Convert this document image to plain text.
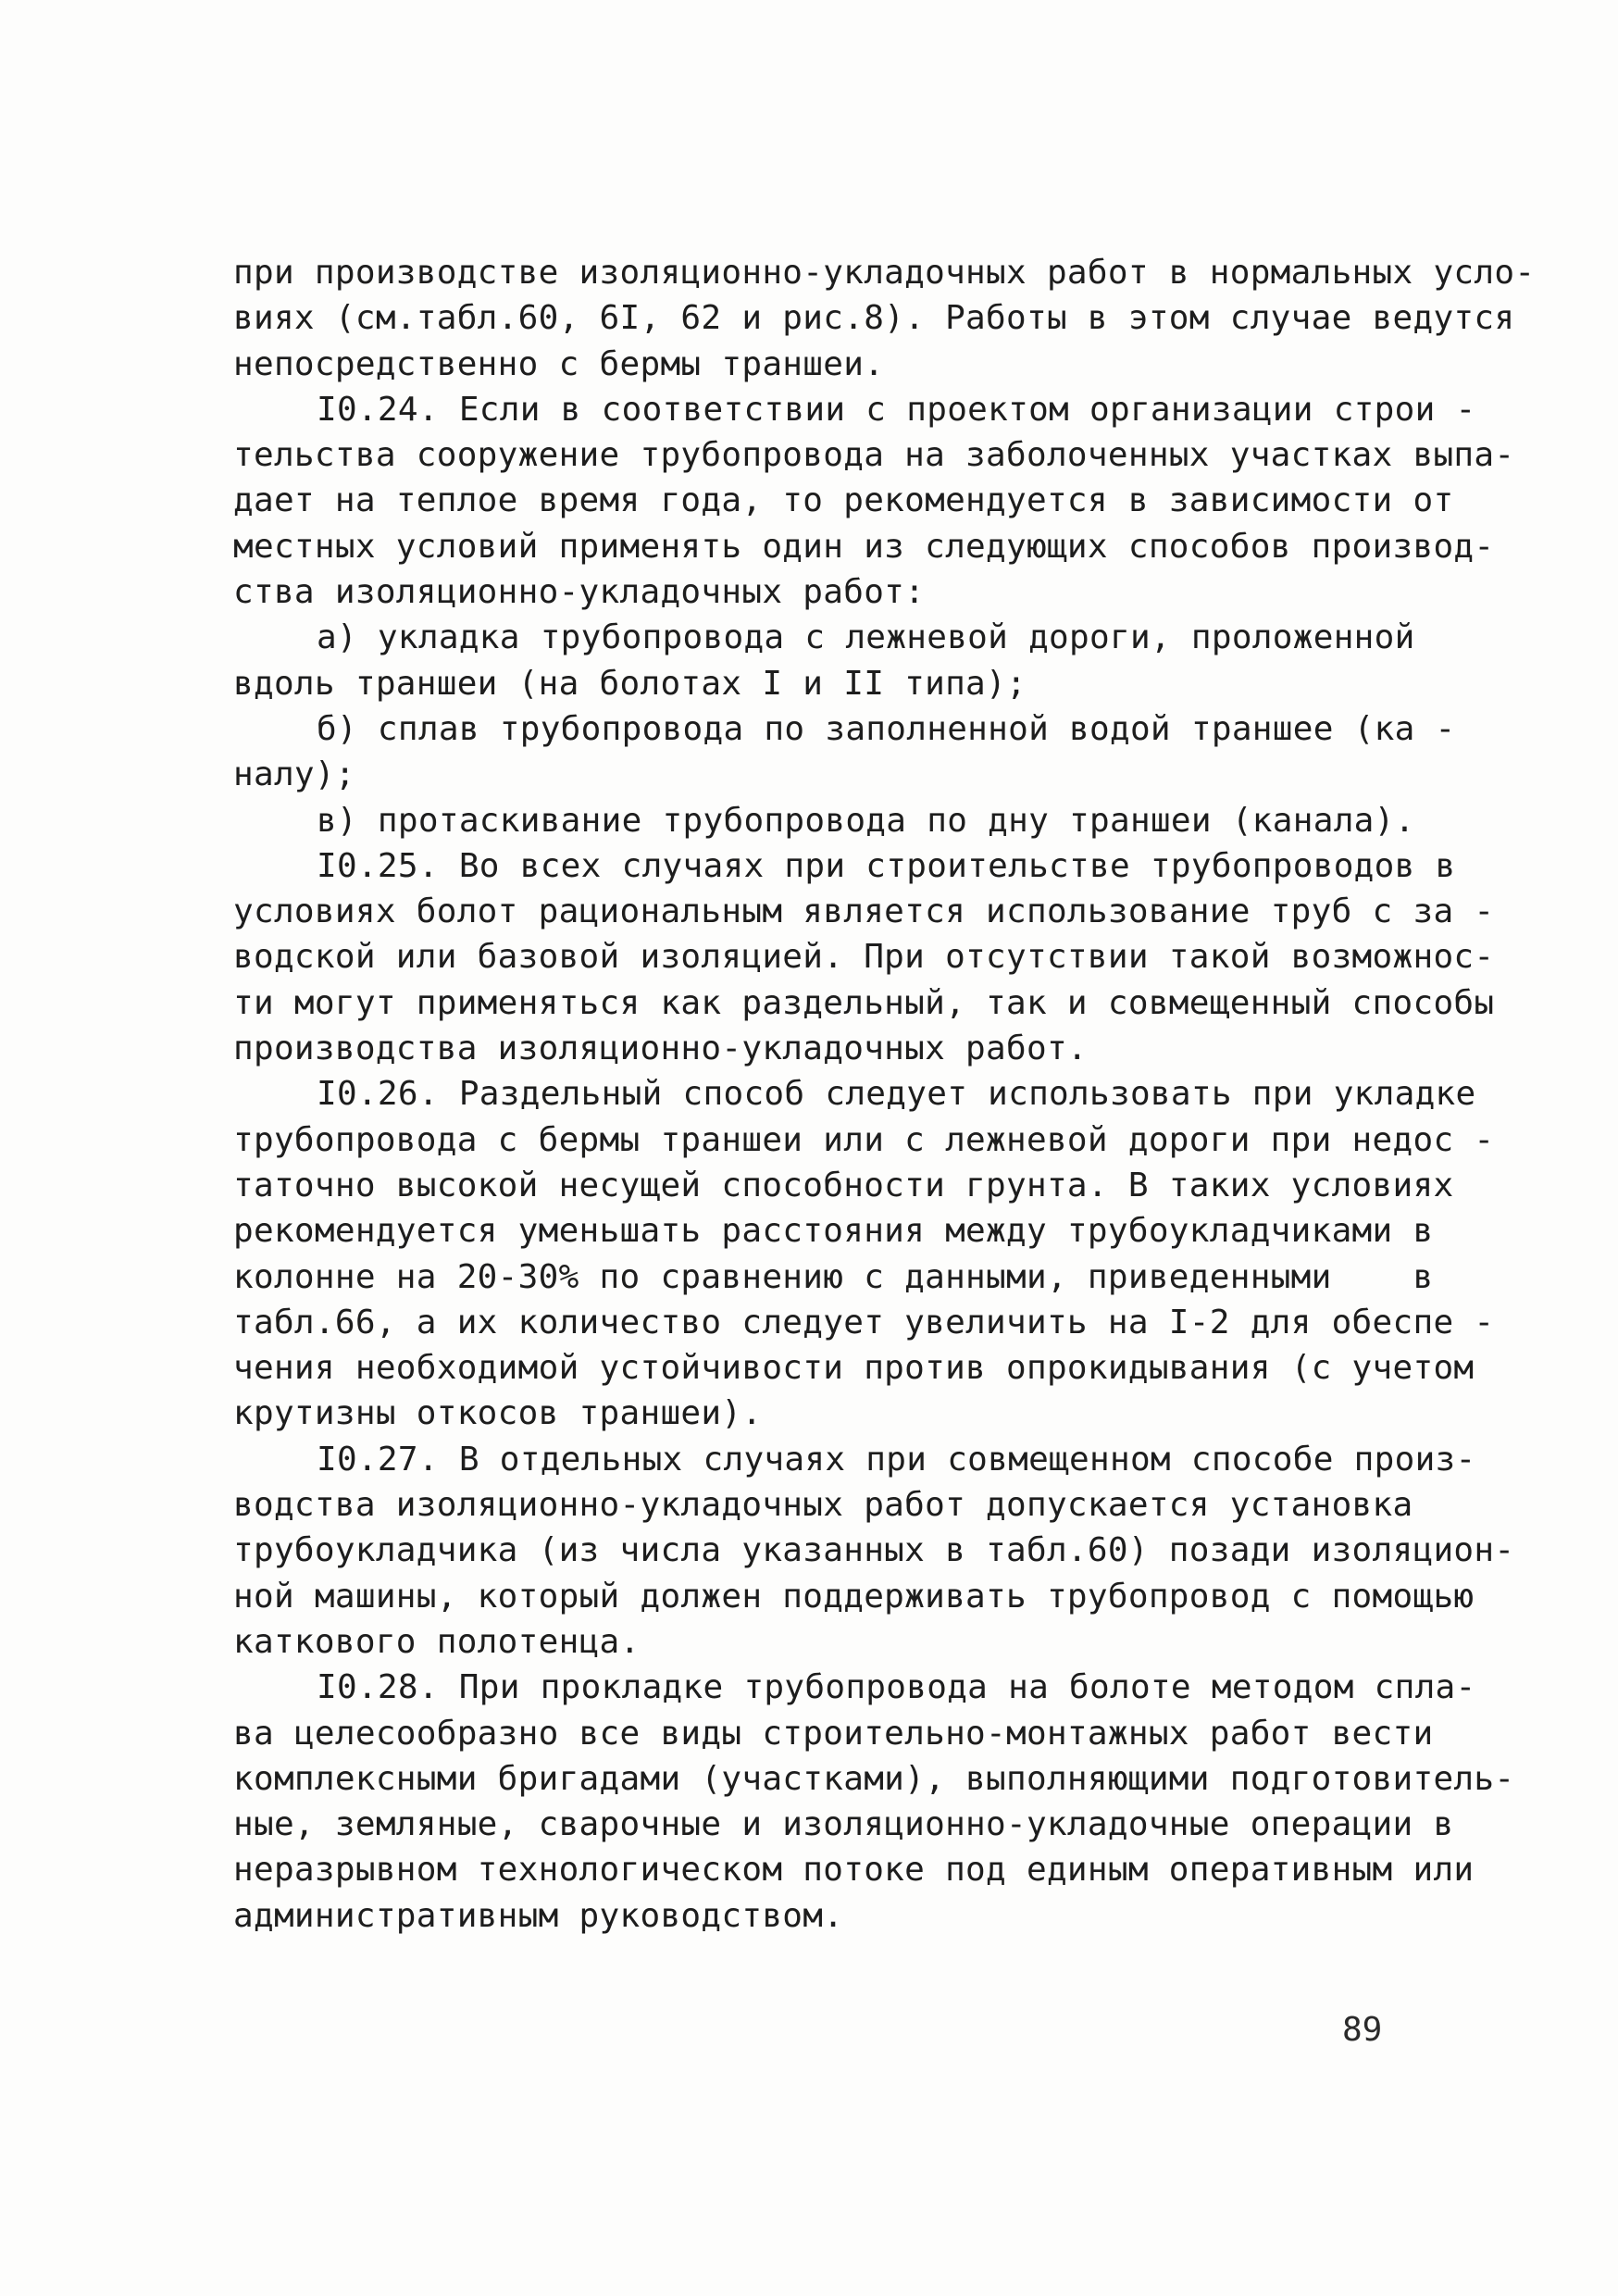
при производстве изоляционно-укладочных работ в нормальных усло-
виях (см.табл.60, 6I, 62 и рис.8). Работы в этом случае ведутся
непосредственно с бермы траншеи.
I0.24. Если в соответствии с проектом организации строи -
тельства сооружение трубопровода на заболоченных участках выпа-
дает на теплое время года, то рекомендуется в зависимости от
местных условий применять один из следующих способов производ-
ства изоляционно-укладочных работ:
а) укладка трубопровода с лежневой дороги, проложенной
вдоль траншеи (на болотах I и II типа);
б) сплав трубопровода по заполненной водой траншее (ка -
налу);
в) протаскивание трубопровода по дну траншеи (канала).
I0.25. Во всех случаях при строительстве трубопроводов в
условиях болот рациональным является использование труб с за -
водской или базовой изоляцией. При отсутствии такой возможнос-
ти могут применяться как раздельный, так и совмещенный способы
производства изоляционно-укладочных работ.
I0.26. Раздельный способ следует использовать при укладке
трубопровода с бермы траншеи или с лежневой дороги при недос -
таточно высокой несущей способности грунта. В таких условиях
рекомендуется уменьшать расстояния между трубоукладчиками в
колонне на 20-30% по сравнению с данными, приведенными    в
табл.66, а их количество следует увеличить на I-2 для обеспе -
чения необходимой устойчивости против опрокидывания (с учетом
крутизны откосов траншеи).
I0.27. В отдельных случаях при совмещенном способе произ-
водства изоляционно-укладочных работ допускается установка
трубоукладчика (из числа указанных в табл.60) позади изоляцион-
ной машины, который должен поддерживать трубопровод с помощью
каткового полотенца.
I0.28. При прокладке трубопровода на болоте методом спла-
ва целесообразно все виды строительно-монтажных работ вести
комплексными бригадами (участками), выполняющими подготовитель-
ные, земляные, сварочные и изоляционно-укладочные операции в
неразрывном технологическом потоке под единым оперативным или
административным руководством.
89
